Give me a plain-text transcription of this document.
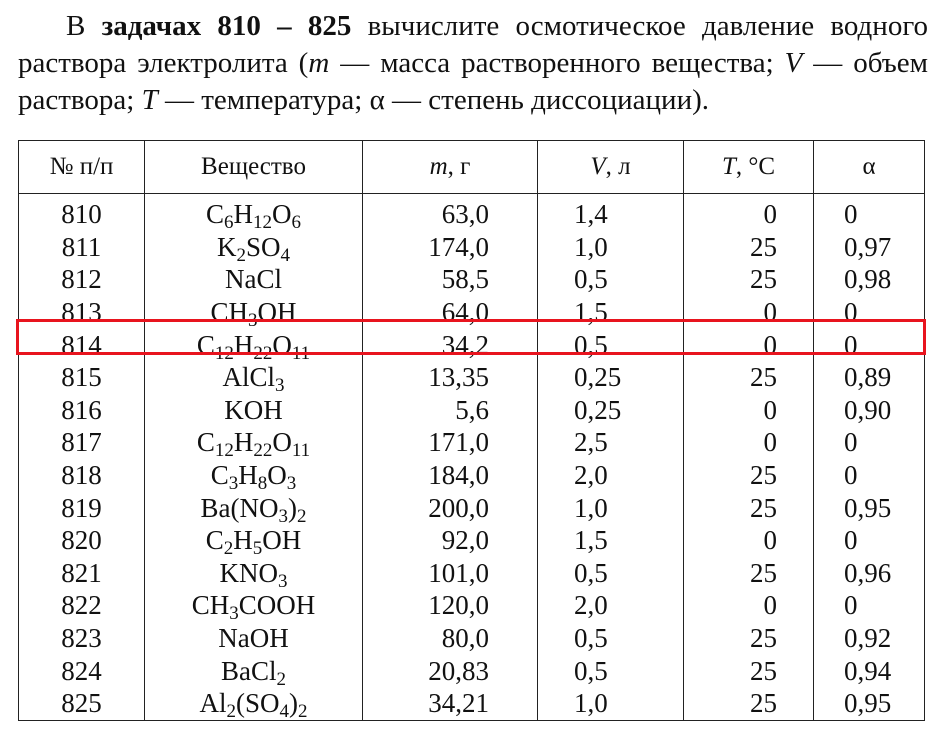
В задачах 810 – 825 вычислите осмотическое давление водного раствора электролита (m — масса растворенного вещества; V — объем раствора; T — температура; α — степень диссоциации).

№ п/п	Вещество	m, г	V, л	T, °С	α
810	$C_6H_{12}O_6$	63,0	1,4	0	0
811	$K_2SO_4$	174,0	1,0	25	0,97
812	NaCl	58,5	0,5	25	0,98
813	$CH_3OH$	64,0	1,5	0	0
814	$C_{12}H_{22}O_{11}$	34,2	0,5	0	0
815	AlCl$_3$	13,35	0,25	25	0,89
816	KOH	5,6	0,25	0	0,90
817	$C_{12}H_{22}O_{11}$	171,0	2,5	0	0
818	$C_3H_8O_3$	184,0	2,0	25	0
819	$Ba(NO_3)_2$	200,0	1,0	25	0,95
820	$C_2H_5OH$	92,0	1,5	0	0
821	$KNO_3$	101,0	0,5	25	0,96
822	$CH_3COOH$	120,0	2,0	0	0
823	NaOH	80,0	0,5	25	0,92
824	BaCl$_2$	20,83	0,5	25	0,94
825	$Al_2(SO_4)_2$	34,21	1,0	25	0,95
